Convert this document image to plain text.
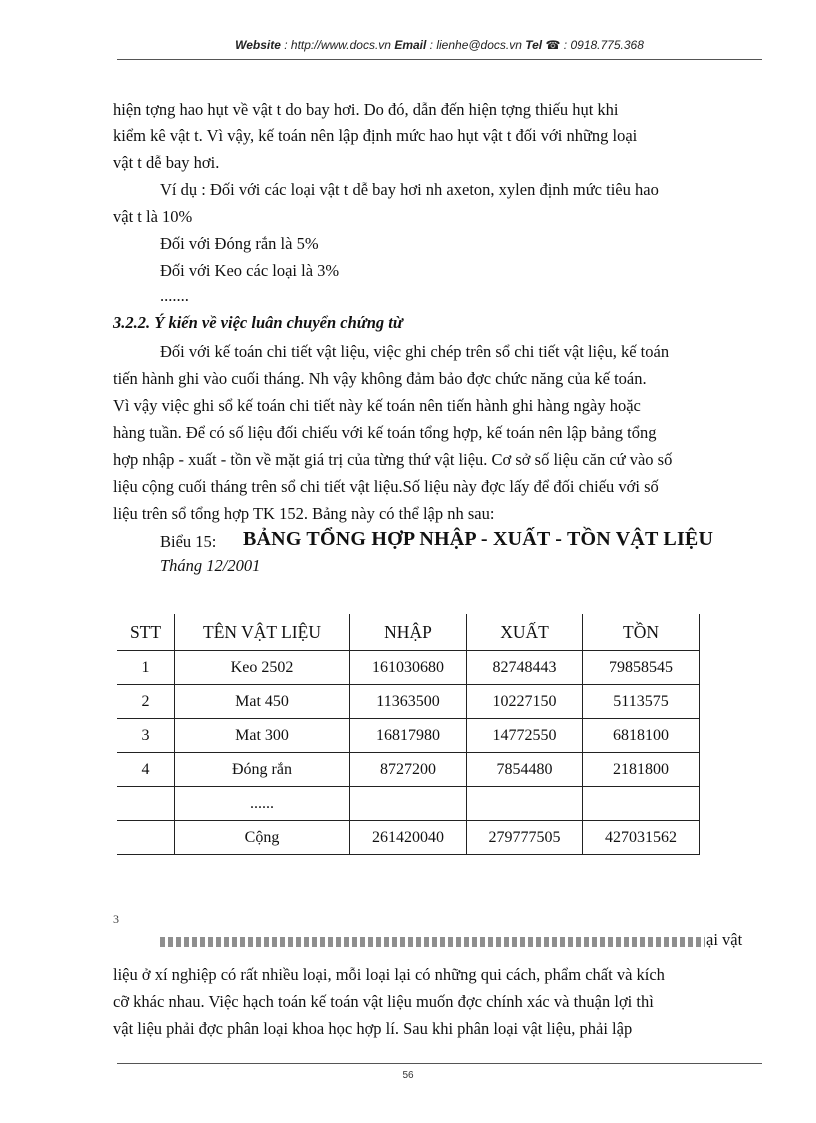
Website : http://www.docs.vn Email : lienhe@docs.vn Tel ☎ : 0918.775.368
hiện tợng hao hụt về vật t do bay hơi. Do đó, dẫn đến hiện tợng thiếu hụt khi
kiểm kê vật t. Vì vậy, kế toán nên lập định mức hao hụt vật t đối với những loại
vật t dễ bay hơi.
Ví dụ : Đối với các loại vật t dễ bay hơi nh axeton, xylen định mức tiêu hao
vật t là 10%
Đối với Đóng rắn là 5%
Đối với Keo các loại là 3%
.......
3.2.2. Ý kiến về việc luân chuyển chứng từ
Đối với kế toán chi tiết vật liệu, việc ghi chép trên sổ chi tiết vật liệu, kế toán
tiến hành ghi vào cuối tháng. Nh vậy không đảm bảo đợc chức năng của kế toán.
Vì vậy việc ghi sổ kế toán chi tiết này kế toán nên tiến hành ghi hàng ngày hoặc
hàng tuần. Để có số liệu đối chiếu với kế toán tổng hợp, kế toán nên lập bảng tổng
hợp nhập - xuất - tồn về mặt giá trị của từng thứ vật liệu. Cơ sở số liệu căn cứ vào số
liệu cộng cuối tháng trên sổ chi tiết vật liệu.Số liệu này đợc lấy để đối chiếu với số
liệu trên sổ tổng hợp TK 152. Bảng này có thể lập nh sau:
Biểu 15: BẢNG TỔNG HỢP NHẬP - XUẤT - TỒN VẬT LIỆU
Tháng 12/2001
STT	TÊN VẬT LIỆU	NHẬP	XUẤT	TỒN
1	Keo 2502	161030680	82748443	79858545
2	Mat 450	11363500	10227150	5113575
3	Mat 300	16817980	14772550	6818100
4	Đóng rắn	8727200	7854480	2181800
	......			
	Cộng	261420040	279777505	427031562
3
ại vật
liệu ở xí nghiệp có rất nhiều loại, mỗi loại lại có những qui cách, phẩm chất và kích
cỡ khác nhau. Việc hạch toán kế toán vật liệu muốn đợc chính xác và thuận lợi thì
vật liệu phải đợc phân loại khoa học hợp lí. Sau khi phân loại vật liệu, phải lập
56
